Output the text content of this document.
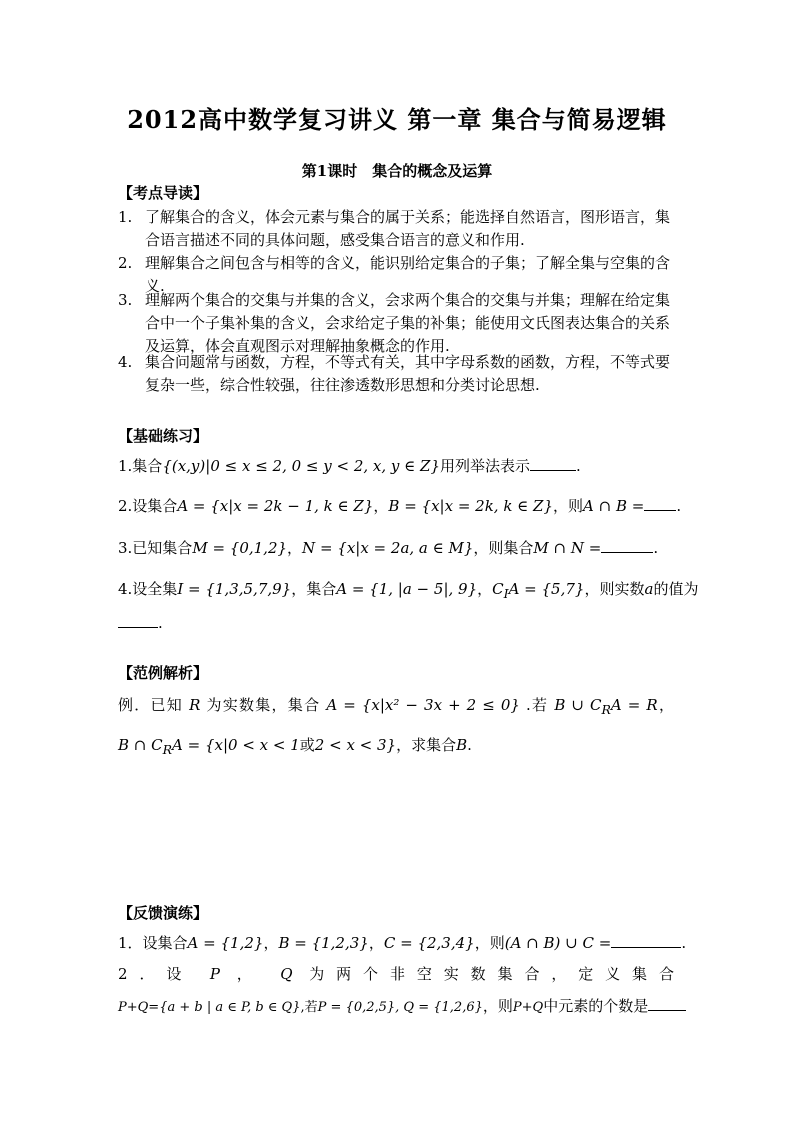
2012高中数学复习讲义 第一章 集合与简易逻辑
第1课时　集合的概念及运算
【考点导读】
1. 了解集合的含义，体会元素与集合的属于关系；能选择自然语言，图形语言，集合语言描述不同的具体问题，感受集合语言的意义和作用.
2. 理解集合之间包含与相等的含义，能识别给定集合的子集；了解全集与空集的含义.
3. 理解两个集合的交集与并集的含义，会求两个集合的交集与并集；理解在给定集合中一个子集补集的含义，会求给定子集的补集；能使用文氏图表达集合的关系及运算，体会直观图示对理解抽象概念的作用.
4. 集合问题常与函数，方程，不等式有关，其中字母系数的函数，方程，不等式要复杂一些，综合性较强，往往渗透数形思想和分类讨论思想.
【基础练习】
1.集合{(x,y)|0 ≤ x ≤ 2, 0 ≤ y < 2, x, y ∈ Z}用列举法表示	.
2.设集合A = {x|x = 2k − 1, k ∈ Z}，B = {x|x = 2k, k ∈ Z}，则A ∩ B = .
3.已知集合M = {0,1,2}，N = {x|x = 2a, a ∈ M}，则集合M ∩ N =	.
4.设全集I = {1,3,5,7,9}，集合A = {1, |a − 5|, 9}，$C_IA = \{5,7\}$，则实数a的值为
.
【范例解析】
例．已知 R 为实数集，集合 A = {x|x² − 3x + 2 ≤ 0} .若 B ∪ $C_RA = R$，
B ∩ $C_RA = \{x|0 < x < 1$或2 < x < 3}，求集合B.
【反馈演练】
1．设集合A = {1,2}，B = {1,2,3}，C = {2,3,4}，则(A ∩ B) ∪ C =	.
2．设 P ， Q 为两个非空实数集合，定义集合
P+Q={a + b | a ∈ P, b ∈ Q},若P = {0,2,5}, Q = {1,2,6}，则P+Q中元素的个数是
